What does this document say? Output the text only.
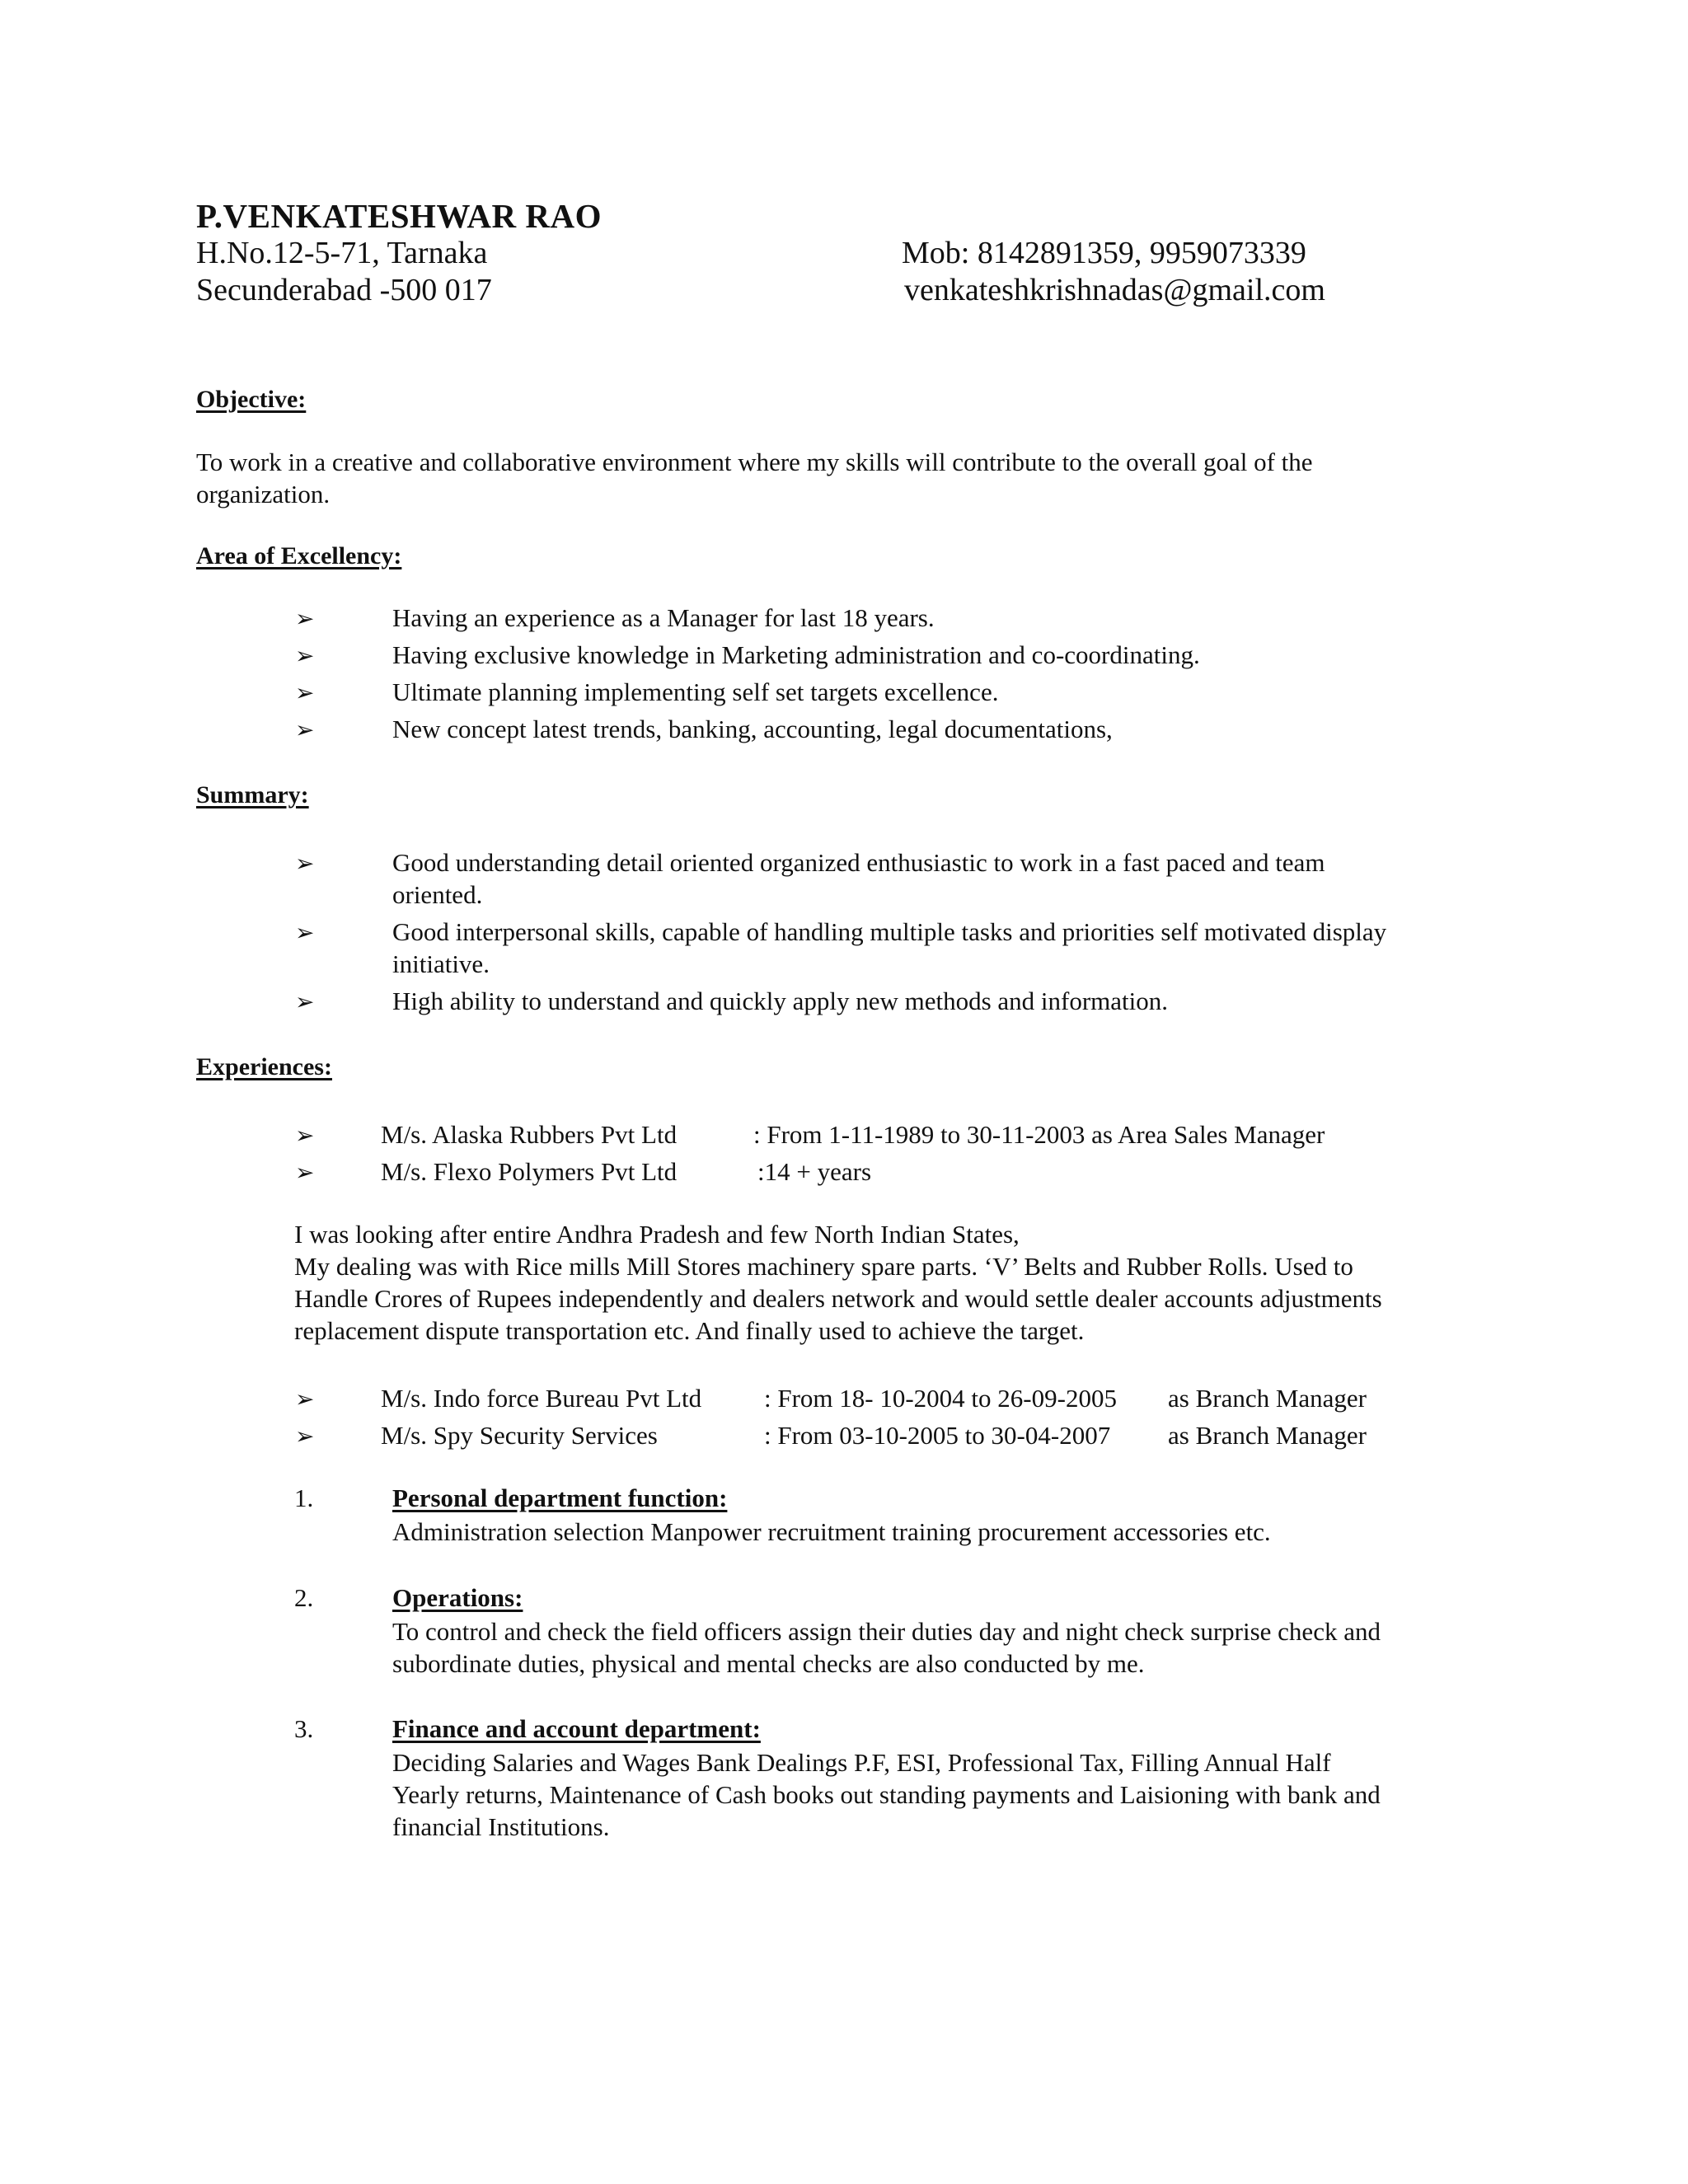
P.VENKATESHWAR RAO
H.No.12-5-71, Tarnaka
Secunderabad -500 017
Mob: 8142891359, 9959073339
venkateshkrishnadas@gmail.com
Objective:
To work in a creative and collaborative environment where my skills will contribute to the overall goal of the
organization.
Area of Excellency:
➢	Having an experience as a Manager for last 18 years.
➢	Having exclusive knowledge in Marketing administration and co-coordinating.
➢	Ultimate planning implementing self set targets excellence.
➢	New concept latest trends, banking, accounting, legal documentations,
Summary:
➢	Good understanding detail oriented organized enthusiastic to work in a fast paced and team
oriented.
➢	Good interpersonal skills, capable of handling multiple tasks and priorities self motivated display
initiative.
➢	High ability to understand and quickly apply new methods and information.
Experiences:
➢	M/s. Alaska Rubbers Pvt Ltd	: From 1-11-1989 to 30-11-2003 as Area Sales Manager
➢	M/s. Flexo Polymers Pvt Ltd	:14 + years
I was looking after entire Andhra Pradesh and few North Indian States,
My dealing was with Rice mills Mill Stores machinery spare parts. ‘V’ Belts and Rubber Rolls. Used to
Handle Crores of Rupees independently and dealers network and would settle dealer accounts adjustments
replacement dispute transportation etc. And finally used to achieve the target.
➢	M/s. Indo force Bureau Pvt Ltd : From 18- 10-2004 to 26-09-2005 as Branch Manager
➢	M/s. Spy Security Services	: From 03-10-2005 to 30-04-2007 as Branch Manager
1.	Personal department function:
Administration selection Manpower recruitment training procurement accessories etc.
2.	Operations:
To control and check the field officers assign their duties day and night check surprise check and
subordinate duties, physical and mental checks are also conducted by me.
3.	Finance and account department:
Deciding Salaries and Wages Bank Dealings P.F, ESI, Professional Tax, Filling Annual Half
Yearly returns, Maintenance of Cash books out standing payments and Laisioning with bank and
financial Institutions.
